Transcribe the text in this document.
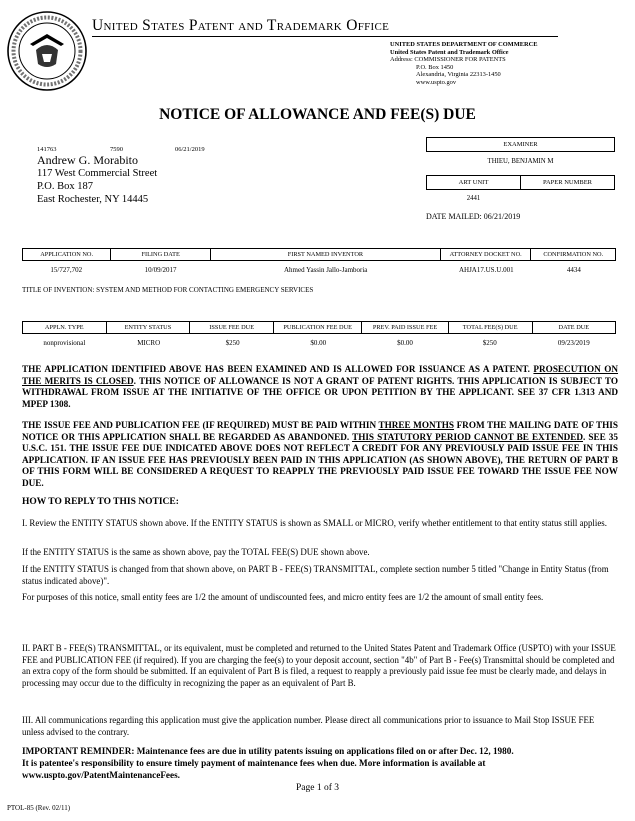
United States Patent and Trademark Office
UNITED STATES DEPARTMENT OF COMMERCE
United States Patent and Trademark Office
Address: COMMISSIONER FOR PATENTS
P.O. Box 1450
Alexandria, Virginia 22313-1450
www.uspto.gov
NOTICE OF ALLOWANCE AND FEE(S) DUE
141763	7590	06/21/2019
Andrew G. Morabito
117 West Commercial Street
P.O. Box 187
East Rochester, NY 14445
EXAMINER
THIEU, BENJAMIN M
ART UNIT	PAPER NUMBER
2441
DATE MAILED: 06/21/2019
APPLICATION NO.	FILING DATE	FIRST NAMED INVENTOR	ATTORNEY DOCKET NO.	CONFIRMATION NO.
15/727,702	10/09/2017	Ahmed Yassin Jallo-Jamboria	AHJA17.US.U.001	4434
TITLE OF INVENTION: SYSTEM AND METHOD FOR CONTACTING EMERGENCY SERVICES
APPLN. TYPE	ENTITY STATUS	ISSUE FEE DUE	PUBLICATION FEE DUE	PREV. PAID ISSUE FEE	TOTAL FEE(S) DUE	DATE DUE
nonprovisional	MICRO	$250	$0.00	$0.00	$250	09/23/2019
THE APPLICATION IDENTIFIED ABOVE HAS BEEN EXAMINED AND IS ALLOWED FOR ISSUANCE AS A PATENT. PROSECUTION ON THE MERITS IS CLOSED. THIS NOTICE OF ALLOWANCE IS NOT A GRANT OF PATENT RIGHTS. THIS APPLICATION IS SUBJECT TO WITHDRAWAL FROM ISSUE AT THE INITIATIVE OF THE OFFICE OR UPON PETITION BY THE APPLICANT. SEE 37 CFR 1.313 AND MPEP 1308.
THE ISSUE FEE AND PUBLICATION FEE (IF REQUIRED) MUST BE PAID WITHIN THREE MONTHS FROM THE MAILING DATE OF THIS NOTICE OR THIS APPLICATION SHALL BE REGARDED AS ABANDONED. THIS STATUTORY PERIOD CANNOT BE EXTENDED. SEE 35 U.S.C. 151. THE ISSUE FEE DUE INDICATED ABOVE DOES NOT REFLECT A CREDIT FOR ANY PREVIOUSLY PAID ISSUE FEE IN THIS APPLICATION. IF AN ISSUE FEE HAS PREVIOUSLY BEEN PAID IN THIS APPLICATION (AS SHOWN ABOVE), THE RETURN OF PART B OF THIS FORM WILL BE CONSIDERED A REQUEST TO REAPPLY THE PREVIOUSLY PAID ISSUE FEE TOWARD THE ISSUE FEE NOW DUE.
HOW TO REPLY TO THIS NOTICE:
I. Review the ENTITY STATUS shown above. If the ENTITY STATUS is shown as SMALL or MICRO, verify whether entitlement to that entity status still applies.
If the ENTITY STATUS is the same as shown above, pay the TOTAL FEE(S) DUE shown above.
If the ENTITY STATUS is changed from that shown above, on PART B - FEE(S) TRANSMITTAL, complete section number 5 titled "Change in Entity Status (from status indicated above)".
For purposes of this notice, small entity fees are 1/2 the amount of undiscounted fees, and micro entity fees are 1/2 the amount of small entity fees.
II. PART B - FEE(S) TRANSMITTAL, or its equivalent, must be completed and returned to the United States Patent and Trademark Office (USPTO) with your ISSUE FEE and PUBLICATION FEE (if required). If you are charging the fee(s) to your deposit account, section "4b" of Part B - Fee(s) Transmittal should be completed and an extra copy of the form should be submitted. If an equivalent of Part B is filed, a request to reapply a previously paid issue fee must be clearly made, and delays in processing may occur due to the difficulty in recognizing the paper as an equivalent of Part B.
III. All communications regarding this application must give the application number. Please direct all communications prior to issuance to Mail Stop ISSUE FEE unless advised to the contrary.
IMPORTANT REMINDER: Maintenance fees are due in utility patents issuing on applications filed on or after Dec. 12, 1980.
It is patentee's responsibility to ensure timely payment of maintenance fees when due. More information is available at
www.uspto.gov/PatentMaintenanceFees.
Page 1 of 3
PTOL-85 (Rev. 02/11)
